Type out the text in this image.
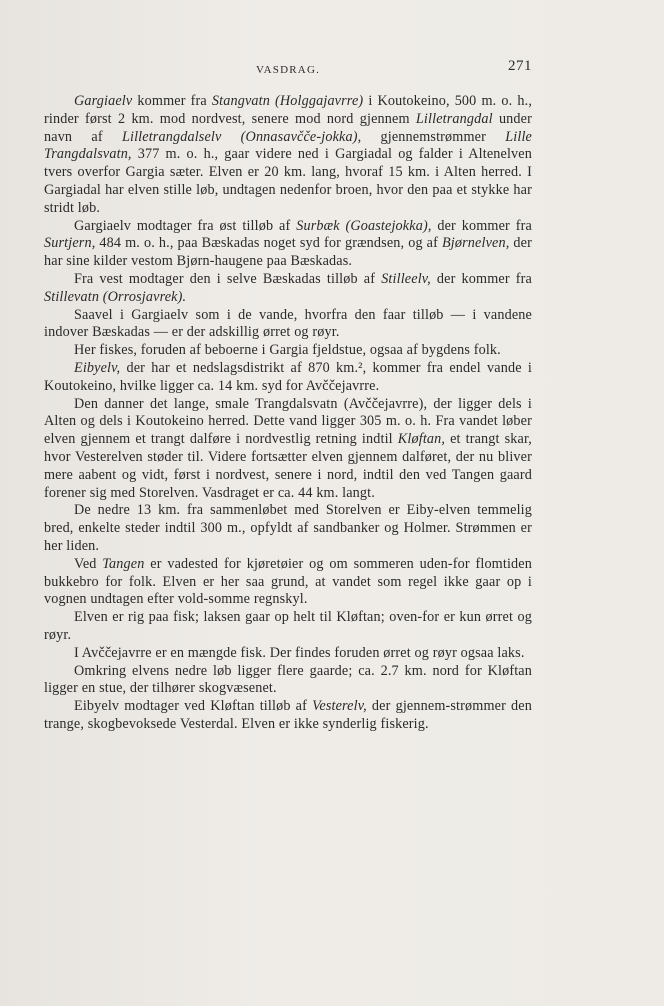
VASDRAG.	271

Gargiaelv kommer fra Stangvatn (Holggajavrre) i Koutokeino, 500 m. o. h., rinder først 2 km. mod nordvest, senere mod nord gjennem Lilletrangdal under navn af Lilletrangdalselv (Onnasavčče-jokka), gjennemstrømmer Lille Trangdalsvatn, 377 m. o. h., gaar videre ned i Gargiadal og falder i Altenelven tvers overfor Gargia sæter. Elven er 20 km. lang, hvoraf 15 km. i Alten herred. I Gargiadal har elven stille løb, undtagen nedenfor broen, hvor den paa et stykke har stridt løb.

Gargiaelv modtager fra øst tilløb af Surbæk (Goastejokka), der kommer fra Surtjern, 484 m. o. h., paa Bæskadas noget syd for grændsen, og af Bjørnelven, der har sine kilder vestom Bjørn-haugene paa Bæskadas.

Fra vest modtager den i selve Bæskadas tilløb af Stilleelv, der kommer fra Stillevatn (Orrosjavrek).

Saavel i Gargiaelv som i de vande, hvorfra den faar tilløb — i vandene indover Bæskadas — er der adskillig ørret og røyr.

Her fiskes, foruden af beboerne i Gargia fjeldstue, ogsaa af bygdens folk.

Eibyelv, der har et nedslagsdistrikt af 870 km.², kommer fra endel vande i Koutokeino, hvilke ligger ca. 14 km. syd for Avččejavrre.

Den danner det lange, smale Trangdalsvatn (Avččejavrre), der ligger dels i Alten og dels i Koutokeino herred. Dette vand ligger 305 m. o. h. Fra vandet løber elven gjennem et trangt dalføre i nordvestlig retning indtil Kløftan, et trangt skar, hvor Vesterelven støder til. Videre fortsætter elven gjennem dalføret, der nu bliver mere aabent og vidt, først i nordvest, senere i nord, indtil den ved Tangen gaard forener sig med Storelven. Vasdraget er ca. 44 km. langt.

De nedre 13 km. fra sammenløbet med Storelven er Eiby-elven temmelig bred, enkelte steder indtil 300 m., opfyldt af sandbanker og Holmer. Strømmen er her liden.

Ved Tangen er vadested for kjøretøier og om sommeren uden-for flomtiden bukkebro for folk. Elven er her saa grund, at vandet som regel ikke gaar op i vognen undtagen efter vold-somme regnskyl.

Elven er rig paa fisk; laksen gaar op helt til Kløftan; oven-for er kun ørret og røyr.

I Avččejavrre er en mængde fisk. Der findes foruden ørret og røyr ogsaa laks.

Omkring elvens nedre løb ligger flere gaarde; ca. 2.7 km. nord for Kløftan ligger en stue, der tilhører skogvæsenet.

Eibyelv modtager ved Kløftan tilløb af Vesterelv, der gjennem-strømmer den trange, skogbevoksede Vesterdal. Elven er ikke synderlig fiskerig.
